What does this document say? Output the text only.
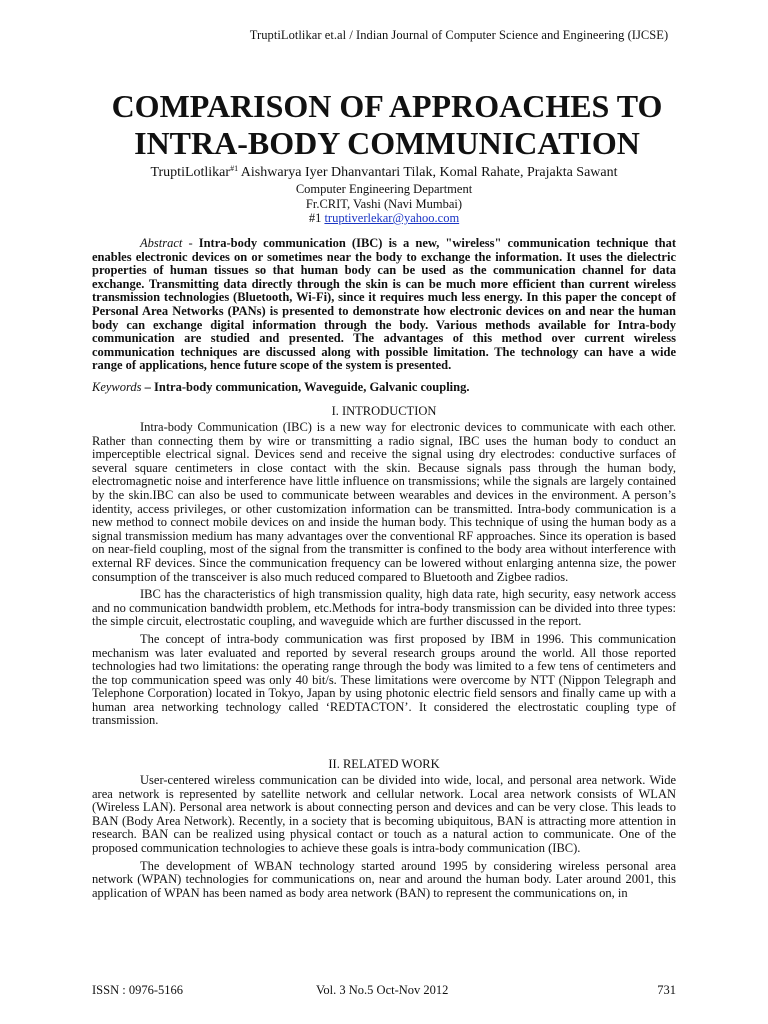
TruptiLotlikar et.al / Indian Journal of Computer Science and Engineering (IJCSE)
COMPARISON OF APPROACHES TO
INTRA-BODY COMMUNICATION
TruptiLotlikar$^{\#1}$ Aishwarya Iyer Dhanvantari Tilak, Komal Rahate, Prajakta Sawant
Computer Engineering Department
Fr.CRIT, Vashi (Navi Mumbai)
#1 truptiverlekar@yahoo.com
Abstract - Intra-body communication (IBC) is a new, "wireless" communication technique that enables electronic devices on or sometimes near the body to exchange the information. It uses the dielectric properties of human tissues so that human body can be used as the communication channel for data exchange. Transmitting data directly through the skin is can be much more efficient than current wireless transmission technologies (Bluetooth, Wi-Fi), since it requires much less energy. In this paper the concept of Personal Area Networks (PANs) is presented to demonstrate how electronic devices on and near the human body can exchange digital information through the body. Various methods available for Intra-body communication are studied and presented. The advantages of this method over current wireless communication techniques are discussed along with possible limitation. The technology can have a wide range of applications, hence future scope of the system is presented.
Keywords – Intra-body communication, Waveguide, Galvanic coupling.
I. INTRODUCTION

Intra-body Communication (IBC) is a new way for electronic devices to communicate with each other. Rather than connecting them by wire or transmitting a radio signal, IBC uses the human body to conduct an imperceptible electrical signal. Devices send and receive the signal using dry electrodes: conductive surfaces of several square centimeters in close contact with the skin. Because signals pass through the human body, electromagnetic noise and interference have little influence on transmissions; while the signals are largely contained by the skin.IBC can also be used to communicate between wearables and devices in the environment. A person’s identity, access privileges, or other customization information can be transmitted. Intra-body communication is a new method to connect mobile devices on and inside the human body. This technique of using the human body as a signal transmission medium has many advantages over the conventional RF approaches. Since its operation is based on near-field coupling, most of the signal from the transmitter is confined to the body area without interference with external RF devices. Since the communication frequency can be lowered without enlarging antenna size, the power consumption of the transceiver is also much reduced compared to Bluetooth and Zigbee radios.

IBC has the characteristics of high transmission quality, high data rate, high security, easy network access and no communication bandwidth problem, etc.Methods for intra-body transmission can be divided into three types: the simple circuit, electrostatic coupling, and waveguide which are further discussed in the report.

The concept of intra-body communication was first proposed by IBM in 1996. This communication mechanism was later evaluated and reported by several research groups around the world. All those reported technologies had two limitations: the operating range through the body was limited to a few tens of centimeters and the top communication speed was only 40 bit/s. These limitations were overcome by NTT (Nippon Telegraph and Telephone Corporation) located in Tokyo, Japan by using photonic electric field sensors and finally came up with a human area networking technology called ‘REDTACTON’. It considered the electrostatic coupling type of transmission.

II. RELATED WORK

User-centered wireless communication can be divided into wide, local, and personal area network. Wide area network is represented by satellite network and cellular network. Local area network consists of WLAN (Wireless LAN). Personal area network is about connecting person and devices and can be very close. This leads to BAN (Body Area Network). Recently, in a society that is becoming ubiquitous, BAN is attracting more attention in research. BAN can be realized using physical contact or touch as a natural action to communicate. One of the proposed communication technologies to achieve these goals is intra-body communication (IBC).

The development of WBAN technology started around 1995 by considering wireless personal area network (WPAN) technologies for communications on, near and around the human body. Later around 2001, this application of WPAN has been named as body area network (BAN) to represent the communications on, in

ISSN : 0976-5166	Vol. 3 No.5 Oct-Nov 2012	731
